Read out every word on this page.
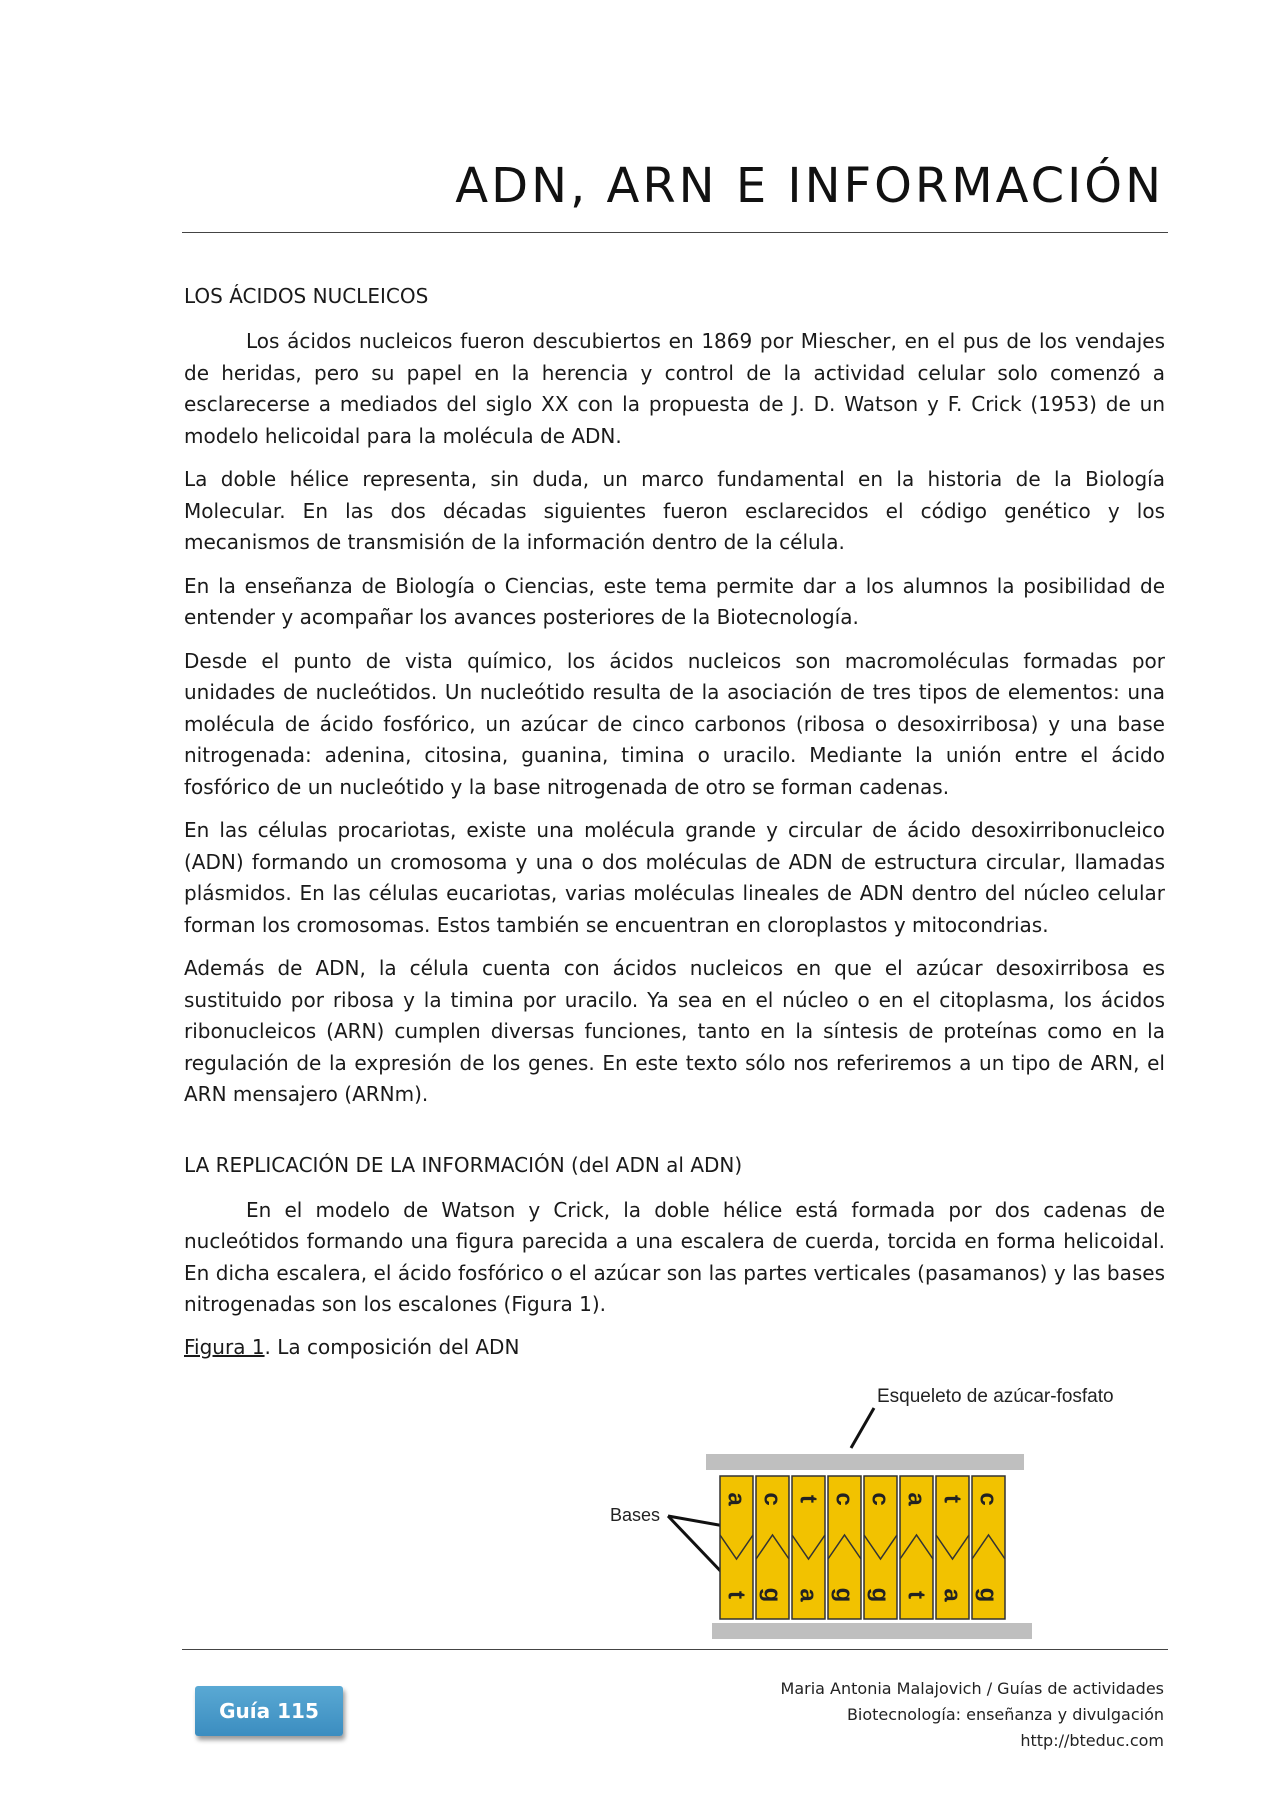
ADN, ARN E INFORMACIÓN

LOS ÁCIDOS NUCLEICOS

Los ácidos nucleicos fueron descubiertos en 1869 por Miescher, en el pus de los vendajes de heridas, pero su papel en la herencia y control de la actividad celular solo comenzó a esclarecerse a mediados del siglo XX con la propuesta de J. D. Watson y F. Crick (1953) de un modelo helicoidal para la molécula de ADN.

La doble hélice representa, sin duda, un marco fundamental en la historia de la Biología Molecular. En las dos décadas siguientes fueron esclarecidos el código genético y los mecanismos de transmisión de la información dentro de la célula.

En la enseñanza de Biología o Ciencias, este tema permite dar a los alumnos la posibilidad de entender y acompañar los avances posteriores de la Biotecnología.

Desde el punto de vista químico, los ácidos nucleicos son macromoléculas formadas por unidades de nucleótidos. Un nucleótido resulta de la asociación de tres tipos de elementos: una molécula de ácido fosfórico, un azúcar de cinco carbonos (ribosa o desoxirribosa) y una base nitrogenada: adenina, citosina, guanina, timina o uracilo. Mediante la unión entre el ácido fosfórico de un nucleótido y la base nitrogenada de otro se forman cadenas.

En las células procariotas, existe una molécula grande y circular de ácido desoxirribonucleico (ADN) formando un cromosoma y una o dos moléculas de ADN de estructura circular, llamadas plásmidos. En las células eucariotas, varias moléculas lineales de ADN dentro del núcleo celular forman los cromosomas. Estos también se encuentran en cloroplastos y mitocondrias.

Además de ADN, la célula cuenta con ácidos nucleicos en que el azúcar desoxirribosa es sustituido por ribosa y la timina por uracilo. Ya sea en el núcleo o en el citoplasma, los ácidos ribonucleicos (ARN) cumplen diversas funciones, tanto en la síntesis de proteínas como en la regulación de la expresión de los genes. En este texto sólo nos referiremos a un tipo de ARN, el ARN mensajero (ARNm).

LA REPLICACIÓN DE LA INFORMACIÓN (del ADN al ADN)

En el modelo de Watson y Crick, la doble hélice está formada por dos cadenas de nucleótidos formando una figura parecida a una escalera de cuerda, torcida en forma helicoidal. En dicha escalera, el ácido fosfórico o el azúcar son las partes verticales (pasamanos) y las bases nitrogenadas son los escalones (Figura 1).

Figura 1. La composición del ADN

Esqueleto de azúcar-fosfato
Bases
a
t
c
g
t
a
c
g
c
g
a
t
t
a
c
g
Guía 115
Maria Antonia Malajovich / Guías de actividades
Biotecnología: enseñanza y divulgación
http://bteduc.com
